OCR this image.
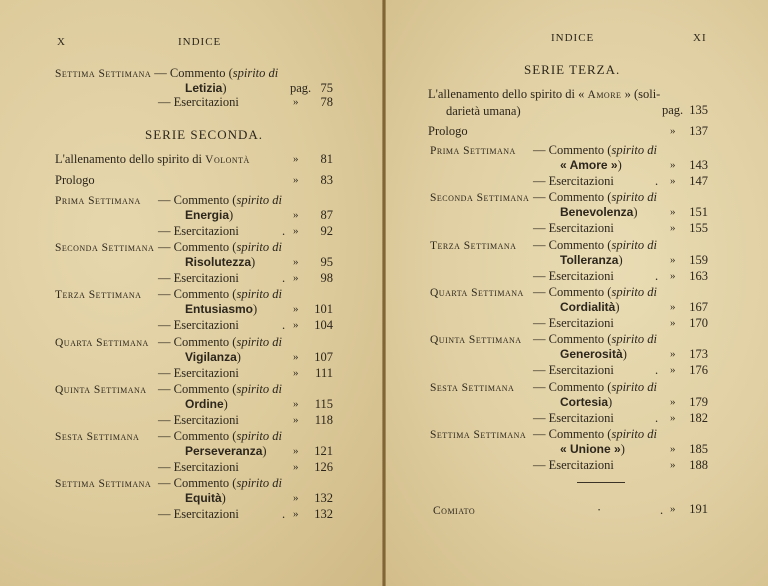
X	INDICE
Settima Settimana — Commento (spirito di
Letizia)	pag. 75
— Esercitazioni	»	78
SERIE SECONDA.
L'allenamento dello spirito di Volontà	»	81
Prologo	»	83
Prima Settimana — Commento (spirito di
Energia)	»	87
— Esercitazioni	. »	92
Seconda Settimana — Commento (spirito di
Risolutezza)	»	95
— Esercitazioni	. »	98
Terza Settimana — Commento (spirito di
Entusiasmo)	»	101
— Esercitazioni	. »	104
Quarta Settimana — Commento (spirito di
Vigilanza)	»	107
— Esercitazioni	»	111
Quinta Settimana — Commento (spirito di
Ordine)	»	115
— Esercitazioni	»	118
Sesta Settimana — Commento (spirito di
Perseveranza) »	121
— Esercitazioni	»	126
Settima Settimana — Commento (spirito di
Equità)	»	132
— Esercitazioni	. »	132
INDICE	XI
SERIE TERZA.
L'allenamento dello spirito di « Amore » (soli-
darietà umana)	pag. 135
Prologo	»	137
Prima Settimana — Commento (spirito di
« Amore »)	»	143
— Esercitazioni	. »	147
Seconda Settimana — Commento (spirito di
Benevolenza)	»	151
— Esercitazioni	»	155
Terza Settimana — Commento (spirito di
Tolleranza)	»	159
— Esercitazioni	. »	163
Quarta Settimana — Commento (spirito di
Cordialità)	»	167
— Esercitazioni	»	170
Quinta Settimana — Commento (spirito di
Generosità)	»	173
— Esercitazioni	. »	176
Sesta Settimana — Commento (spirito di
Cortesia)	»	179
— Esercitazioni	. »	182
Settima Settimana — Commento (spirito di
« Unione »)	»	185
— Esercitazioni	»	188
Comiato	·	. »	191
